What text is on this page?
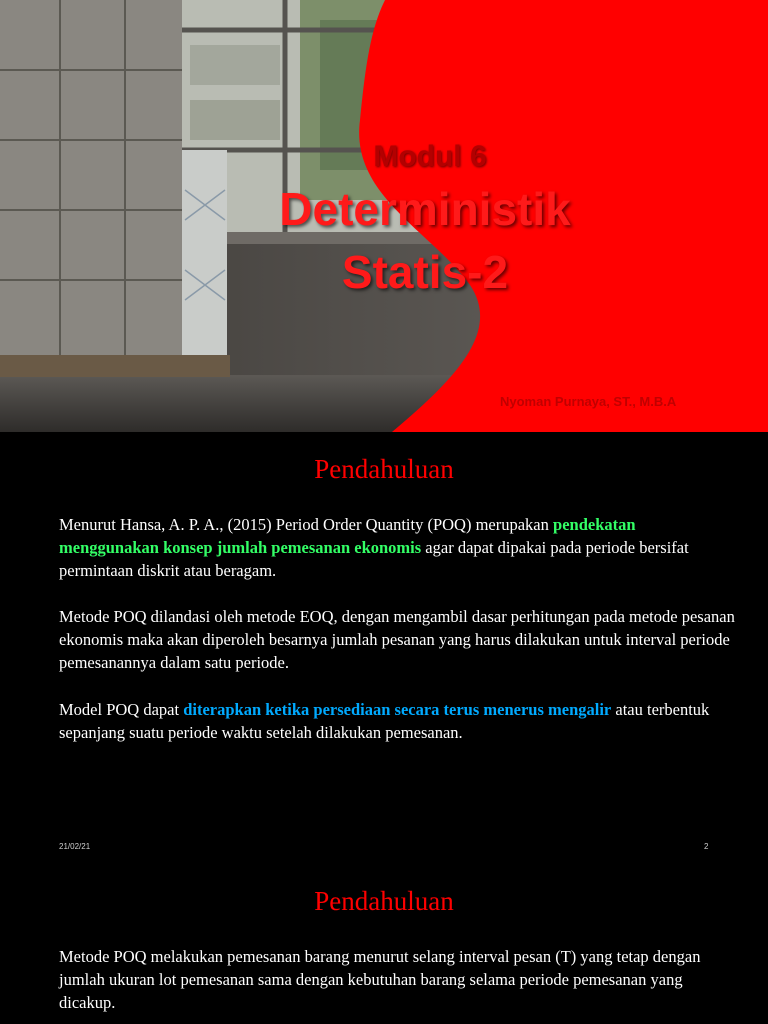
Modul 6
Deterministik
Statis-2
Nyoman Purnaya, ST., M.B.A
Pendahuluan

Menurut Hansa, A. P. A., (2015) Period Order Quantity (POQ) merupakan pendekatan menggunakan konsep jumlah pemesanan ekonomis agar dapat dipakai pada periode bersifat permintaan diskrit atau beragam.

Metode POQ dilandasi oleh metode EOQ, dengan mengambil dasar perhitungan pada metode pesanan ekonomis maka akan diperoleh besarnya jumlah pesanan yang harus dilakukan untuk interval periode pemesanannya dalam satu periode.

Model POQ dapat diterapkan ketika persediaan secara terus menerus mengalir atau terbentuk sepanjang suatu periode waktu setelah dilakukan pemesanan.

21/02/21	2
Pendahuluan

Metode POQ melakukan pemesanan barang menurut selang interval pesan (T) yang tetap dengan jumlah ukuran lot pemesanan sama dengan kebutuhan barang selama periode pemesanan yang dicakup.
